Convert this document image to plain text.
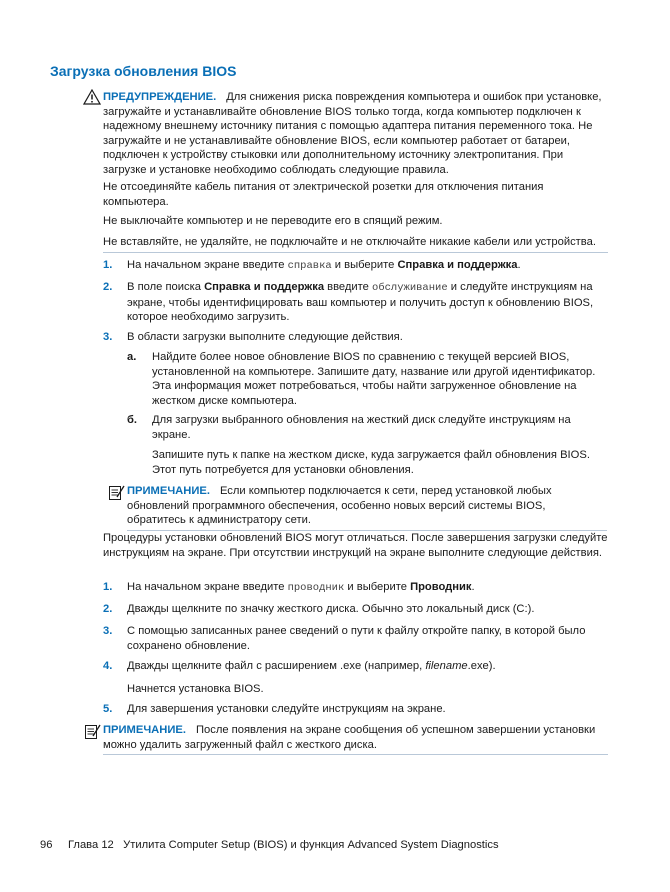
Загрузка обновления BIOS

ПРЕДУПРЕЖДЕНИЕ. Для снижения риска повреждения компьютера и ошибок при установке, загружайте и устанавливайте обновление BIOS только тогда, когда компьютер подключен к надежному внешнему источнику питания с помощью адаптера питания переменного тока. Не загружайте и не устанавливайте обновление BIOS, если компьютер работает от батареи, подключен к устройству стыковки или дополнительному источнику электропитания. При загрузке и установке необходимо соблюдать следующие правила.

Не отсоединяйте кабель питания от электрической розетки для отключения питания компьютера.

Не выключайте компьютер и не переводите его в спящий режим.

Не вставляйте, не удаляйте, не подключайте и не отключайте никакие кабели или устройства.

1. На начальном экране введите справка и выберите Справка и поддержка.

2. В поле поиска Справка и поддержка введите обслуживание и следуйте инструкциям на экране, чтобы идентифицировать ваш компьютер и получить доступ к обновлению BIOS, которое необходимо загрузить.

3. В области загрузки выполните следующие действия.

а. Найдите более новое обновление BIOS по сравнению с текущей версией BIOS, установленной на компьютере. Запишите дату, название или другой идентификатор. Эта информация может потребоваться, чтобы найти загруженное обновление на жестком диске компьютера.

б. Для загрузки выбранного обновления на жесткий диск следуйте инструкциям на экране.

Запишите путь к папке на жестком диске, куда загружается файл обновления BIOS. Этот путь потребуется для установки обновления.

ПРИМЕЧАНИЕ. Если компьютер подключается к сети, перед установкой любых обновлений программного обеспечения, особенно новых версий системы BIOS, обратитесь к администратору сети.

Процедуры установки обновлений BIOS могут отличаться. После завершения загрузки следуйте инструкциям на экране. При отсутствии инструкций на экране выполните следующие действия.

1. На начальном экране введите проводник и выберите Проводник.

2. Дважды щелкните по значку жесткого диска. Обычно это локальный диск (C:).

3. С помощью записанных ранее сведений о пути к файлу откройте папку, в которой было сохранено обновление.

4. Дважды щелкните файл с расширением .exe (например, filename.exe).

Начнется установка BIOS.

5. Для завершения установки следуйте инструкциям на экране.

ПРИМЕЧАНИЕ. После появления на экране сообщения об успешном завершении установки можно удалить загруженный файл с жесткого диска.

96 Глава 12   Утилита Computer Setup (BIOS) и функция Advanced System Diagnostics
